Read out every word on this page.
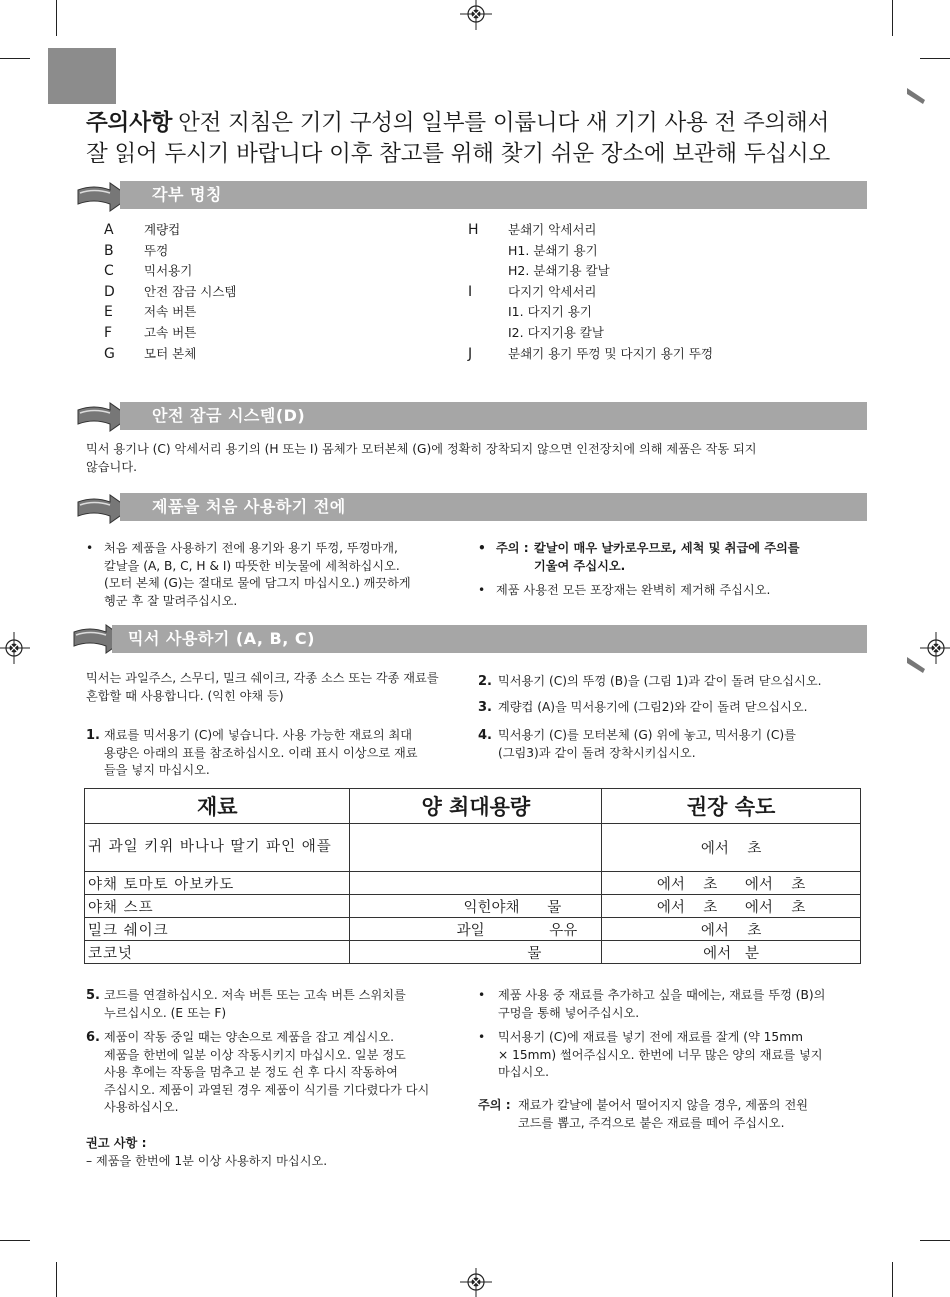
주의사항 안전 지침은 기기 구성의 일부를 이룹니다 새 기기 사용 전 주의해서
잘 읽어 두시기 바랍니다 이후 참고를 위해 찾기 쉬운 장소에 보관해 두십시오
각부 명칭
A 계량컵
B 뚜껑
C 믹서용기
D 안전 잠금 시스템
E 저속 버튼
F	고속 버튼
G 모터 본체
H 분쇄기 악세서리
H1. 분쇄기 용기
H2. 분쇄기용 칼날
I	다지기 악세서리
I1. 다지기 용기
I2. 다지기용 칼날
J	분쇄기 용기 뚜껑 및 다지기 용기 뚜껑
안전 잠금 시스템(D)
믹서 용기나 (C) 악세서리 용기의 (H 또는 I) 몸체가 모터본체 (G)에 정확히 장착되지 않으면 인전장치에 의해 제품은 작동 되지
않습니다.
제품을 처음 사용하기 전에
• 처음 제품을 사용하기 전에 용기와 용기 뚜껑, 뚜껑마개,
칼날을 (A, B, C, H & I) 따뜻한 비눗물에 세척하십시오.
(모터 본체 (G)는 절대로 물에 담그지 마십시오.) 깨끗하게
헹군 후 잘 말려주십시오.
• 주의 : 칼날이 매우 날카로우므로, 세척 및 취급에 주의를
기울여 주십시오.
• 제품 사용전 모든 포장재는 완벽히 제거해 주십시오.
믹서 사용하기 (A, B, C)
믹서는 과일주스, 스무디, 밀크 쉐이크, 각종 소스 또는 각종 재료를
혼합할 때 사용합니다. (익힌 야채 등)
1. 재료를 믹서용기 (C)에 넣습니다. 사용 가능한 재료의 최대
용량은 아래의 표를 참조하십시오. 이래 표시 이상으로 재료
들을 넣지 마십시오.
2. 믹서용기 (C)의 뚜껑 (B)을 (그림 1)과 같이 돌려 닫으십시오.
3. 계량컵 (A)을 믹서용기에 (그림2)와 같이 돌려 닫으십시오.
4. 믹서용기 (C)를 모터본체 (G) 위에 놓고, 믹서용기 (C)를
(그림3)과 같이 돌려 장착시키십시오.
재료	양 최대용량	권장 속도
귀 과일 키위 바나나 딸기 파인 애플		에서    초
야채 토마토 아보카도		에서    초      에서    초
야채 스프	익힌야채      물	에서    초      에서    초
밀크 쉐이크	과일              우유	에서    초
코코넛	물	에서   분
5. 코드를 연결하십시오. 저속 버튼 또는 고속 버튼 스위치를
누르십시오. (E 또는 F)
6. 제품이 작동 중일 때는 양손으로 제품을 잡고 계십시오.
제품을 한번에 일분 이상 작동시키지 마십시오. 일분 정도
사용 후에는 작동을 멈추고 분 정도 쉰 후 다시 작동하여
주십시오. 제품이 과열된 경우 제품이 식기를 기다렸다가 다시
사용하십시오.
권고 사항 :
– 제품을 한번에 1분 이상 사용하지 마십시오.
• 제품 사용 중 재료를 추가하고 싶을 때에는, 재료를 뚜껑 (B)의
구멍을 통해 넣어주십시오.
• 믹서용기 (C)에 재료를 넣기 전에 재료를 잘게 (약 15mm
× 15mm) 썰어주십시오. 한번에 너무 많은 양의 재료를 넣지
마십시오.
주의 : 재료가 칼날에 붙어서 떨어지지 않을 경우, 제품의 전원
코드를 뽑고, 주걱으로 붙은 재료를 떼어 주십시오.
